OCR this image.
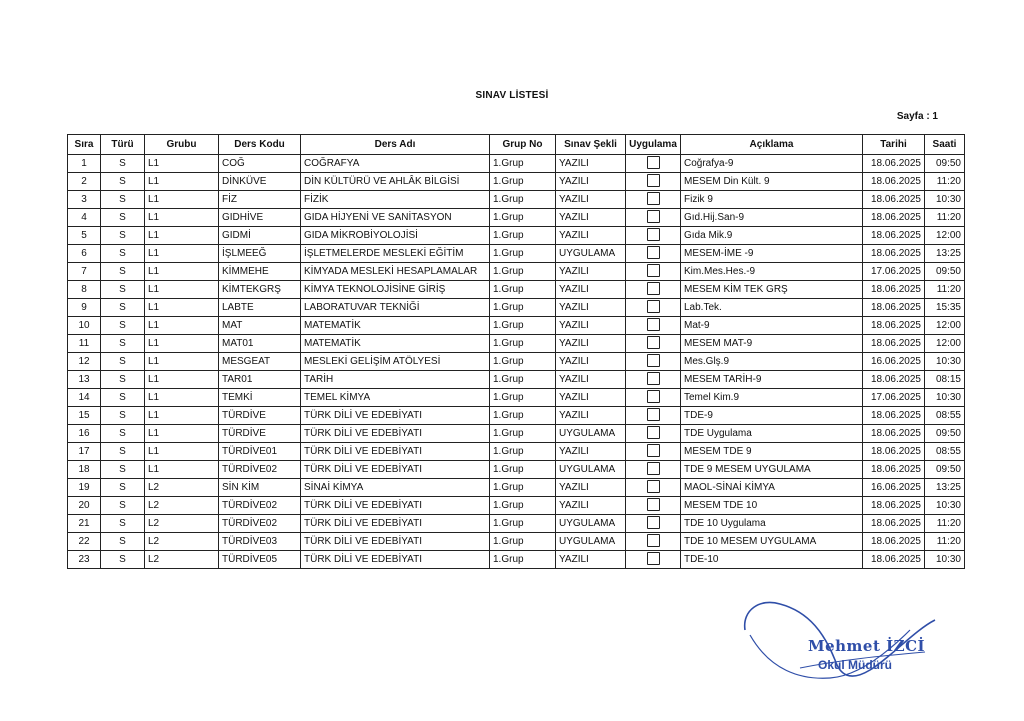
SINAV LİSTESİ
Sayfa : 1
Sıra	Türü	Grubu	Ders Kodu	Ders Adı	Grup No	Sınav Şekli	Uygulama	Açıklama	Tarihi	Saati
1	S	L1	COĞ	COĞRAFYA	1.Grup	YAZILI		Coğrafya-9	18.06.2025	09:50
2	S	L1	DİNKÜVE	DİN KÜLTÜRÜ VE AHLÂK BİLGİSİ	1.Grup	YAZILI		MESEM Din Kült. 9	18.06.2025	11:20
3	S	L1	FİZ	FİZİK	1.Grup	YAZILI		Fizik 9	18.06.2025	10:30
4	S	L1	GIDHİVE	GIDA HİJYENİ VE SANİTASYON	1.Grup	YAZILI		Gıd.Hij.San-9	18.06.2025	11:20
5	S	L1	GIDMİ	GIDA MİKROBİYOLOJİSİ	1.Grup	YAZILI		Gıda Mik.9	18.06.2025	12:00
6	S	L1	İŞLMEEĞ	İŞLETMELERDE MESLEKİ EĞİTİM	1.Grup	UYGULAMA		MESEM-İME -9	18.06.2025	13:25
7	S	L1	KİMMEHE	KİMYADA MESLEKİ HESAPLAMALAR	1.Grup	YAZILI		Kim.Mes.Hes.-9	17.06.2025	09:50
8	S	L1	KİMTEKGRŞ	KİMYA TEKNOLOJİSİNE GİRİŞ	1.Grup	YAZILI		MESEM KİM TEK GRŞ	18.06.2025	11:20
9	S	L1	LABTE	LABORATUVAR TEKNİĞİ	1.Grup	YAZILI		Lab.Tek.	18.06.2025	15:35
10	S	L1	MAT	MATEMATİK	1.Grup	YAZILI		Mat-9	18.06.2025	12:00
11	S	L1	MAT01	MATEMATİK	1.Grup	YAZILI		MESEM MAT-9	18.06.2025	12:00
12	S	L1	MESGEAT	MESLEKİ GELİŞİM ATÖLYESİ	1.Grup	YAZILI		Mes.Glş.9	16.06.2025	10:30
13	S	L1	TAR01	TARİH	1.Grup	YAZILI		MESEM TARİH-9	18.06.2025	08:15
14	S	L1	TEMKİ	TEMEL KİMYA	1.Grup	YAZILI		Temel Kim.9	17.06.2025	10:30
15	S	L1	TÜRDİVE	TÜRK DİLİ VE EDEBİYATI	1.Grup	YAZILI		TDE-9	18.06.2025	08:55
16	S	L1	TÜRDİVE	TÜRK DİLİ VE EDEBİYATI	1.Grup	UYGULAMA		TDE Uygulama	18.06.2025	09:50
17	S	L1	TÜRDİVE01	TÜRK DİLİ VE EDEBİYATI	1.Grup	YAZILI		MESEM TDE 9	18.06.2025	08:55
18	S	L1	TÜRDİVE02	TÜRK DİLİ VE EDEBİYATI	1.Grup	UYGULAMA		TDE 9 MESEM UYGULAMA	18.06.2025	09:50
19	S	L2	SİN KİM	SİNAİ KİMYA	1.Grup	YAZILI		MAOL-SİNAİ KİMYA	16.06.2025	13:25
20	S	L2	TÜRDİVE02	TÜRK DİLİ VE EDEBİYATI	1.Grup	YAZILI		MESEM TDE 10	18.06.2025	10:30
21	S	L2	TÜRDİVE02	TÜRK DİLİ VE EDEBİYATI	1.Grup	UYGULAMA		TDE 10 Uygulama	18.06.2025	11:20
22	S	L2	TÜRDİVE03	TÜRK DİLİ VE EDEBİYATI	1.Grup	UYGULAMA		TDE 10 MESEM UYGULAMA	18.06.2025	11:20
23	S	L2	TÜRDİVE05	TÜRK DİLİ VE EDEBİYATI	1.Grup	YAZILI		TDE-10	18.06.2025	10:30
Mehmet İZCİ
Okul Müdürü
